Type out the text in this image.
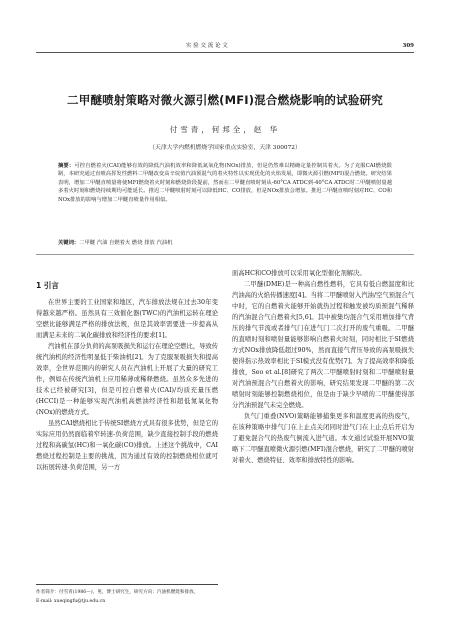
实 验 交 流 论 文	309
二甲醚喷射策略对微火源引燃(MFI)混合燃烧影响的试验研究
付雪青，何邦全，赵 华
（天津大学内燃机燃烧学国家重点实验室，天津 300072）
摘要：可控自燃着火(CAI)能够有效的降低汽油机效率和降低氮氧化物(NOx)排放，但是仍然难以精确定量控制其着火。为了克服CAI燃烧限制，本研究通过直喷高挥发性燃料二甲醚改变高辛烷值汽油预混气的着火特性以实现优化的火焰发展，即微火源引燃(MFI)混合燃烧。研究结果表明，增加二甲醚直喷量将使MFI燃烧着火时刻和燃烧阶段提前，然而在二甲醚直喷时刻从-60°CA ATDC到-40°CA ATDC时二甲醚喷射量越多着火时刻和燃烧持续期均可能延长。推迟二甲醚喷射时刻可以降低HC、CO排放，但是NOx排放会增加。推迟二甲醚直喷时刻对HC、CO和NOx排放的影响与增加二甲醚直喷量作用相似。
关键词：二甲醚 汽油 自燃着火 燃烧 排放 汽油机
1 引言

在世界主要的工业国家和地区，汽车排放法规在过去30年变得越来越严格。虽然具有三效催化器(TWC)的汽油机运转在理论空燃比能够满足严格的排放法规，但是其效率需要进一步提高从而满足未来的二氧化碳排放和经济性的要求[1]。

汽油机在部分负荷的高泵吸损失和运行在理论空燃比，导致传统汽油机的经济性明显低于柴油机[2]。为了克服泵吸损失和提高效率，全世界范围内的研究人员在汽油机上开展了大量的研究工作，例如在传统汽油机上应用稀薄或稀释燃烧。虽然众多先进的技术已经被研究[3]，但是可控自燃着火(CAI)/均质充量压燃(HCCI)是一种能够实现汽油机高燃油经济性和超低氮氧化物(NOx)的燃烧方式。

虽然CAI燃烧相比于传统SI燃烧方式具有很多优势，但是它的实际应用仍然面临着窄转速-负荷范围，缺少直接控制手段的燃烧过程和高碳氢(HC)和一氧化碳(CO)排放。上述这个挑战中，CAI燃烧过程控制是主要的挑战，因为通过有效的控制燃烧相位就可以拓展转速-负荷范围，另一方

面高HC和CO排放可以采用氧化型催化剂解决。

二甲醚(DME)是一种高自燃性燃料，它具有低自燃温度和比汽油高的火焰传播速度[4]。当将二甲醚喷射入汽油/空气预混合气中时，它的自燃着火能够开始就热过程和触发被均质预混气稀释的汽油混合气自燃着火[5,6]。其中被集均混合气采用增加排气背压的排气节流或者排气门在进气门二次打开的废气重吸。二甲醚的直喷时刻和喷射量能够影响自燃着火时刻，同时相比于SI燃烧方式NOx排放降低超过90%，然而直接气背压导致的高泵吸损失使得指示热效率相比于SI模式没有优势[7]。为了提高效率和降低排放，Seo et al.[8]研究了两次二甲醚喷射时刻和二甲醚喷射量对汽油预混合气自燃着火的影响，研究结果发现二甲醚的第二次喷射时刻能够控制燃烧相位，但是由于缺少早喷的二甲醚使得部分汽油预混气未完全燃烧。

负气门重叠(NVO)策略能够捕集更多和温度更高的热废气，在该种策略中排气门在上止点关闭同时进气门在上止点后开启为了避免混合气的热废气倒流入进气道。本文通过试验开展NVO策略下二甲醚直喷微火源引燃(MFI)混合燃烧，研究了二甲醚的喷射对着火、燃烧特征、效率和排放特性的影响。

作者简介：付雪青(1986—)，男，博士研究生，研究方向：汽油机燃烧和排放。
E-mail: xueqingfu@tju.edu.cn
